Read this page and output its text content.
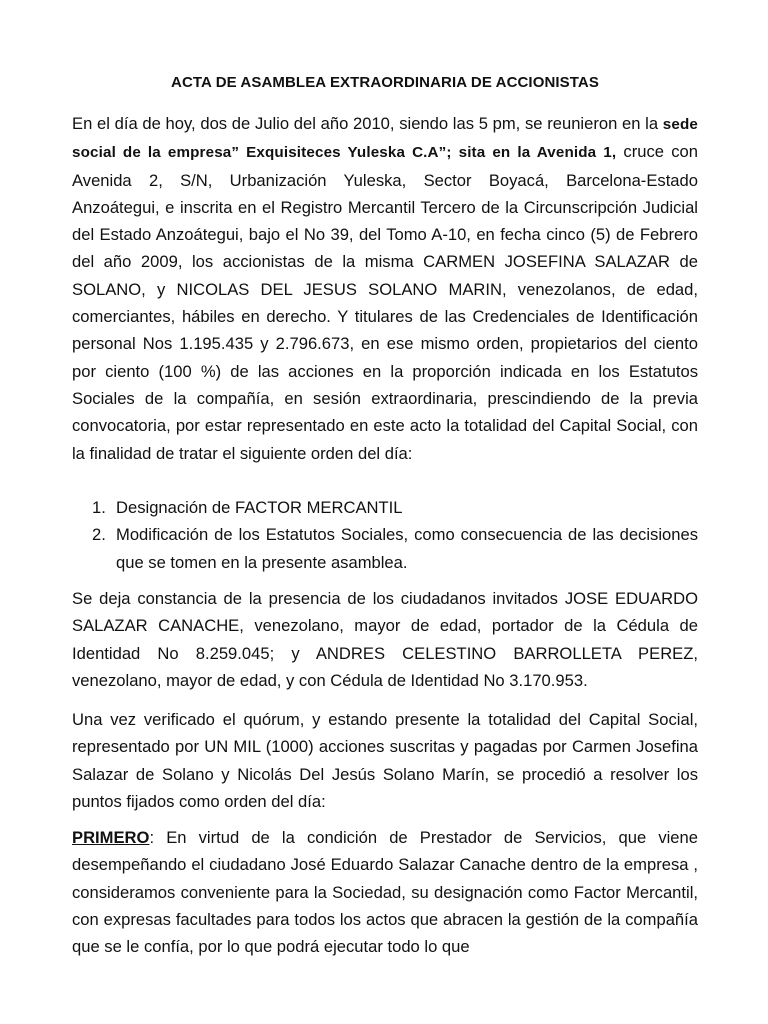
ACTA DE ASAMBLEA EXTRAORDINARIA DE ACCIONISTAS

En el día de hoy, dos de Julio del año 2010, siendo las 5 pm, se reunieron en la sede social de la empresa” Exquisiteces Yuleska C.A”; sita en la Avenida 1, cruce con Avenida 2, S/N, Urbanización Yuleska, Sector Boyacá, Barcelona-Estado Anzoátegui, e inscrita en el Registro Mercantil Tercero de la Circunscripción Judicial del Estado Anzoátegui, bajo el No 39, del Tomo A-10, en fecha cinco (5) de Febrero del año 2009, los accionistas de la misma CARMEN JOSEFINA SALAZAR de SOLANO, y NICOLAS DEL JESUS SOLANO MARIN, venezolanos, de edad, comerciantes, hábiles en derecho. Y titulares de las Credenciales de Identificación personal Nos 1.195.435 y 2.796.673, en ese mismo orden, propietarios del ciento por ciento (100 %) de las acciones en la proporción indicada en los Estatutos Sociales de la compañía, en sesión extraordinaria, prescindiendo de la previa convocatoria, por estar representado en este acto la totalidad del Capital Social, con la finalidad de tratar el siguiente orden del día:

1. Designación de FACTOR MERCANTIL
2. Modificación de los Estatutos Sociales, como consecuencia de las decisiones que se tomen en la presente asamblea.

Se deja constancia de la presencia de los ciudadanos invitados JOSE EDUARDO SALAZAR CANACHE, venezolano, mayor de edad, portador de la Cédula de Identidad No 8.259.045; y ANDRES CELESTINO BARROLLETA PEREZ, venezolano, mayor de edad, y con Cédula de Identidad No 3.170.953.

Una vez verificado el quórum, y estando presente la totalidad del Capital Social, representado por UN MIL (1000) acciones suscritas y pagadas por Carmen Josefina Salazar de Solano y Nicolás Del Jesús Solano Marín, se procedió a resolver los puntos fijados como orden del día:

PRIMERO: En virtud de la condición de Prestador de Servicios, que viene desempeñando el ciudadano José Eduardo Salazar Canache dentro de la empresa , consideramos conveniente para la Sociedad, su designación como Factor Mercantil, con expresas facultades para todos los actos que abracen la gestión de la compañía que se le confía, por lo que podrá ejecutar todo lo que
